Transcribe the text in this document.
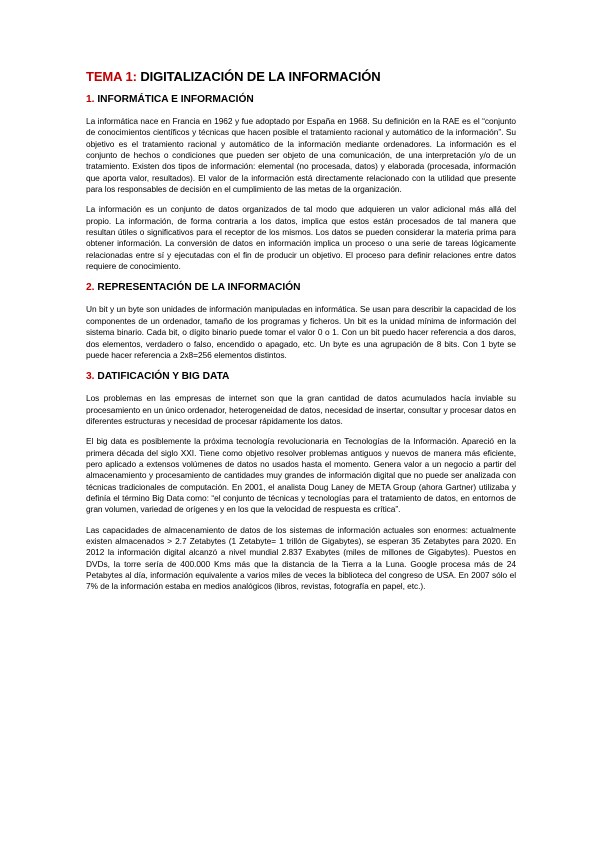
TEMA 1: DIGITALIZACIÓN DE LA INFORMACIÓN
1. INFORMÁTICA E INFORMACIÓN

La informática nace en Francia en 1962 y fue adoptado por España en 1968. Su definición en la RAE es el “conjunto de conocimientos científicos y técnicas que hacen posible el tratamiento racional y automático de la información”. Su objetivo es el tratamiento racional y automático de la información mediante ordenadores. La información es el conjunto de hechos o condiciones que pueden ser objeto de una comunicación, de una interpretación y/o de un tratamiento. Existen dos tipos de información: elemental (no procesada, datos) y elaborada (procesada, información que aporta valor, resultados). El valor de la información está directamente relacionado con la utilidad que presente para los responsables de decisión en el cumplimiento de las metas de la organización.

La información es un conjunto de datos organizados de tal modo que adquieren un valor adicional más allá del propio. La información, de forma contraria a los datos, implica que estos están procesados de tal manera que resultan útiles o significativos para el receptor de los mismos. Los datos se pueden considerar la materia prima para obtener información. La conversión de datos en información implica un proceso o una serie de tareas lógicamente relacionadas entre sí y ejecutadas con el fin de producir un objetivo. El proceso para definir relaciones entre datos requiere de conocimiento.

2. REPRESENTACIÓN DE LA INFORMACIÓN

Un bit y un byte son unidades de información manipuladas en informática. Se usan para describir la capacidad de los componentes de un ordenador, tamaño de los programas y ficheros. Un bit es la unidad mínima de información del sistema binario. Cada bit, o dígito binario puede tomar el valor 0 o 1. Con un bit puedo hacer referencia a dos daros, dos elementos, verdadero o falso, encendido o apagado, etc. Un byte es una agrupación de 8 bits. Con 1 byte se puede hacer referencia a 2x8=256 elementos distintos.

3. DATIFICACIÓN Y BIG DATA

Los problemas en las empresas de internet son que la gran cantidad de datos acumulados hacía inviable su procesamiento en un único ordenador, heterogeneidad de datos, necesidad de insertar, consultar y procesar datos en diferentes estructuras y necesidad de procesar rápidamente los datos.

El big data es posiblemente la próxima tecnología revolucionaria en Tecnologías de la Información. Apareció en la primera década del siglo XXI. Tiene como objetivo resolver problemas antiguos y nuevos de manera más eficiente, pero aplicado a extensos volúmenes de datos no usados hasta el momento. Genera valor a un negocio a partir del almacenamiento y procesamiento de cantidades muy grandes de información digital que no puede ser analizada con técnicas tradicionales de computación. En 2001, el analista Doug Laney de META Group (ahora Gartner) utilizaba y definía el término Big Data como: “el conjunto de técnicas y tecnologías para el tratamiento de datos, en entornos de gran volumen, variedad de orígenes y en los que la velocidad de respuesta es crítica”.

Las capacidades de almacenamiento de datos de los sistemas de información actuales son enormes: actualmente existen almacenados > 2.7 Zetabytes (1 Zetabyte= 1 trillón de Gigabytes), se esperan 35 Zetabytes para 2020. En 2012 la información digital alcanzó a nivel mundial 2.837 Exabytes (miles de millones de Gigabytes). Puestos en DVDs, la torre sería de 400.000 Kms más que la distancia de la Tierra a la Luna. Google procesa más de 24 Petabytes al día, información equivalente a varios miles de veces la biblioteca del congreso de USA. En 2007 sólo el 7% de la información estaba en medios analógicos (libros, revistas, fotografía en papel, etc.).
